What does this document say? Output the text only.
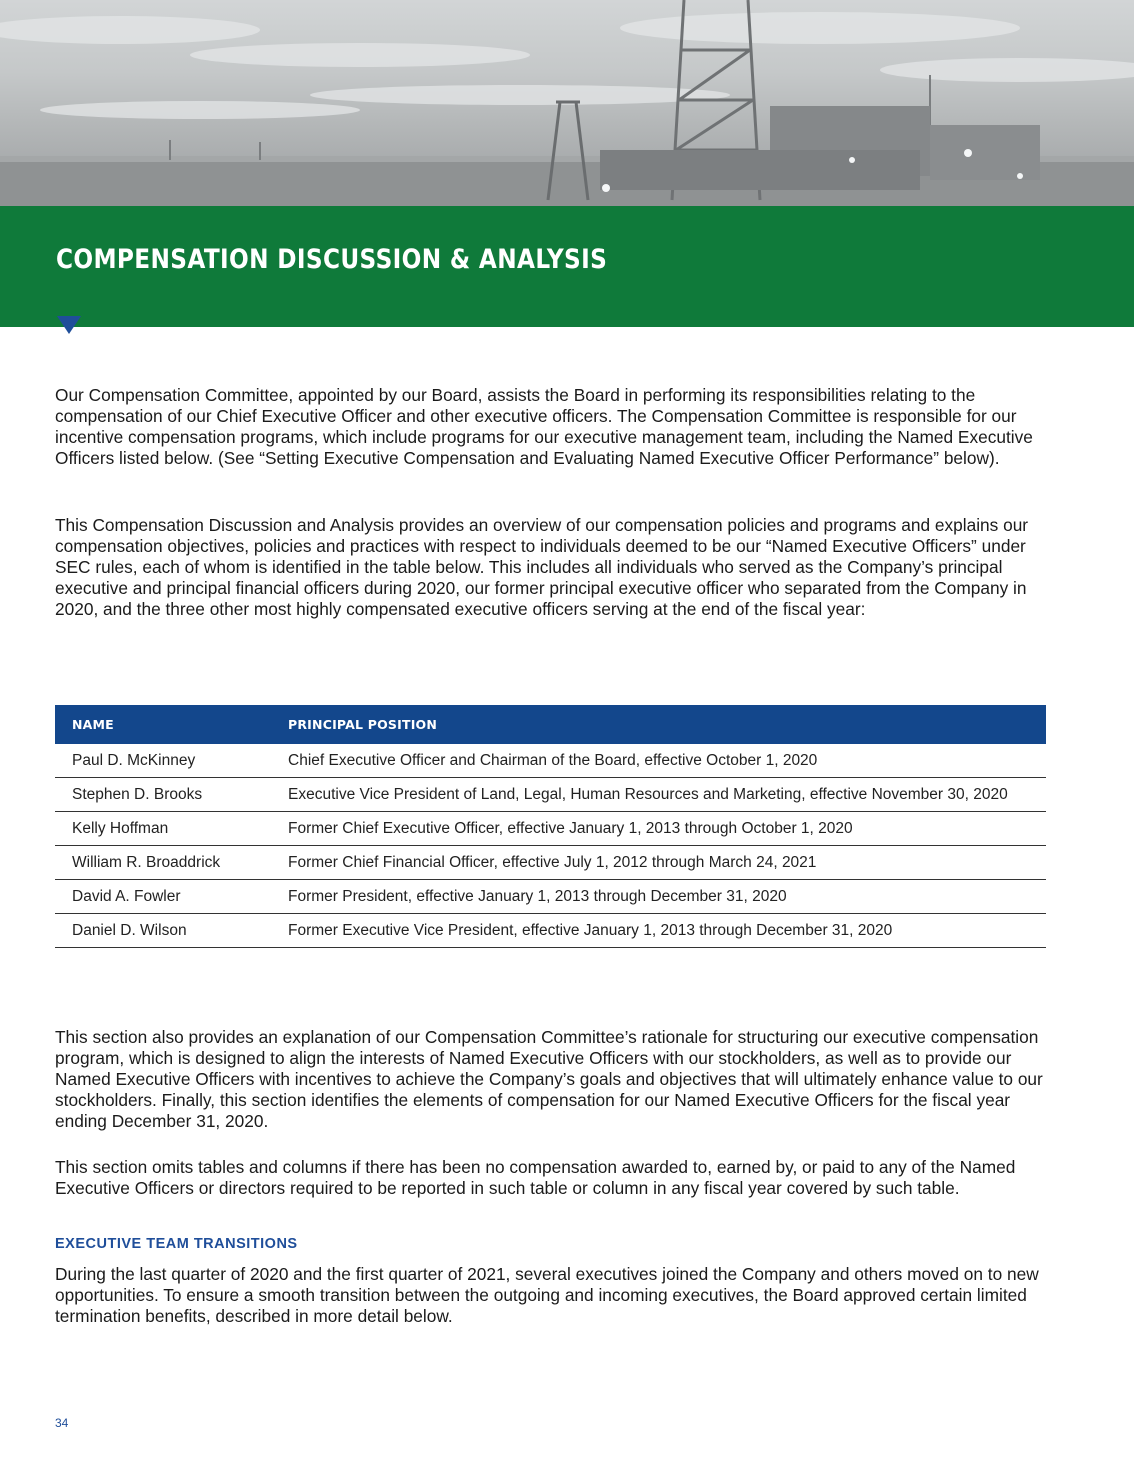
COMPENSATION DISCUSSION & ANALYSIS

Our Compensation Committee, appointed by our Board, assists the Board in performing its responsibilities relating to the compensation of our Chief Executive Officer and other executive officers. The Compensation Committee is responsible for our incentive compensation programs, which include programs for our executive management team, including the Named Executive Officers listed below. (See “Setting Executive Compensation and Evaluating Named Executive Officer Performance” below).

This Compensation Discussion and Analysis provides an overview of our compensation policies and programs and explains our compensation objectives, policies and practices with respect to individuals deemed to be our “Named Executive Officers” under SEC rules, each of whom is identified in the table below. This includes all individuals who served as the Company’s principal executive and principal financial officers during 2020, our former principal executive officer who separated from the Company in 2020, and the three other most highly compensated executive officers serving at the end of the fiscal year:

NAME	PRINCIPAL POSITION
Paul D. McKinney	Chief Executive Officer and Chairman of the Board, effective October 1, 2020
Stephen D. Brooks	Executive Vice President of Land, Legal, Human Resources and Marketing, effective November 30, 2020
Kelly Hoffman	Former Chief Executive Officer, effective January 1, 2013 through October 1, 2020
William R. Broaddrick	Former Chief Financial Officer, effective July 1, 2012 through March 24, 2021
David A. Fowler	Former President, effective January 1, 2013 through December 31, 2020
Daniel D. Wilson	Former Executive Vice President, effective January 1, 2013 through December 31, 2020

This section also provides an explanation of our Compensation Committee’s rationale for structuring our executive compensation program, which is designed to align the interests of Named Executive Officers with our stockholders, as well as to provide our Named Executive Officers with incentives to achieve the Company’s goals and objectives that will ultimately enhance value to our stockholders. Finally, this section identifies the elements of compensation for our Named Executive Officers for the fiscal year ending December 31, 2020.

This section omits tables and columns if there has been no compensation awarded to, earned by, or paid to any of the Named Executive Officers or directors required to be reported in such table or column in any fiscal year covered by such table.

EXECUTIVE TEAM TRANSITIONS

During the last quarter of 2020 and the first quarter of 2021, several executives joined the Company and others moved on to new opportunities. To ensure a smooth transition between the outgoing and incoming executives, the Board approved certain limited termination benefits, described in more detail below.

34
